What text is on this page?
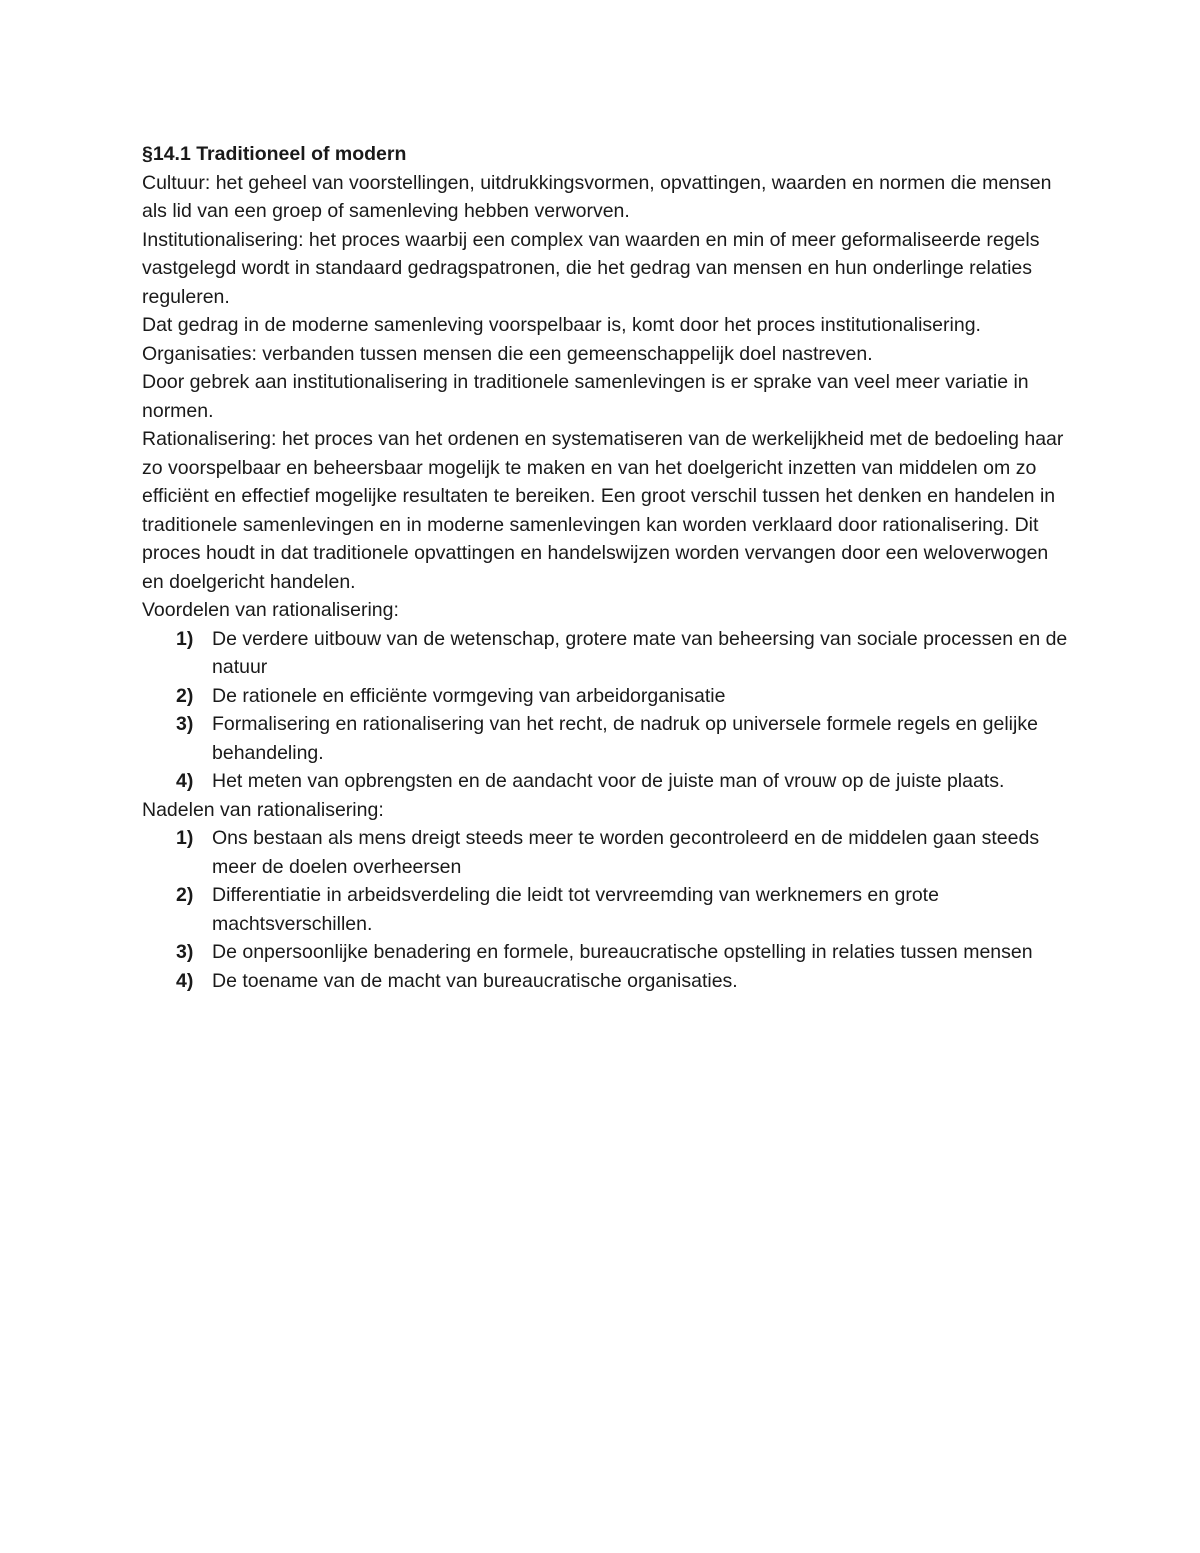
§14.1 Traditioneel of modern

Cultuur: het geheel van voorstellingen, uitdrukkingsvormen, opvattingen, waarden en normen die mensen als lid van een groep of samenleving hebben verworven.

Institutionalisering: het proces waarbij een complex van waarden en min of meer geformaliseerde regels vastgelegd wordt in standaard gedragspatronen, die het gedrag van mensen en hun onderlinge relaties reguleren.

Dat gedrag in de moderne samenleving voorspelbaar is, komt door het proces institutionalisering.

Organisaties: verbanden tussen mensen die een gemeenschappelijk doel nastreven.

Door gebrek aan institutionalisering in traditionele samenlevingen is er sprake van veel meer variatie in normen.

Rationalisering: het proces van het ordenen en systematiseren van de werkelijkheid met de bedoeling haar zo voorspelbaar en beheersbaar mogelijk te maken en van het doelgericht inzetten van middelen om zo efficiënt en effectief mogelijke resultaten te bereiken. Een groot verschil tussen het denken en handelen in traditionele samenlevingen en in moderne samenlevingen kan worden verklaard door rationalisering. Dit proces houdt in dat traditionele opvattingen en handelswijzen worden vervangen door een weloverwogen en doelgericht handelen.

Voordelen van rationalisering:

1) De verdere uitbouw van de wetenschap, grotere mate van beheersing van sociale processen en de natuur
2) De rationele en efficiënte vormgeving van arbeidorganisatie
3) Formalisering en rationalisering van het recht, de nadruk op universele formele regels en gelijke behandeling.
4) Het meten van opbrengsten en de aandacht voor de juiste man of vrouw op de juiste plaats.

Nadelen van rationalisering:

1) Ons bestaan als mens dreigt steeds meer te worden gecontroleerd en de middelen gaan steeds meer de doelen overheersen
2) Differentiatie in arbeidsverdeling die leidt tot vervreemding van werknemers en grote machtsverschillen.
3) De onpersoonlijke benadering en formele, bureaucratische opstelling in relaties tussen mensen
4) De toename van de macht van bureaucratische organisaties.
